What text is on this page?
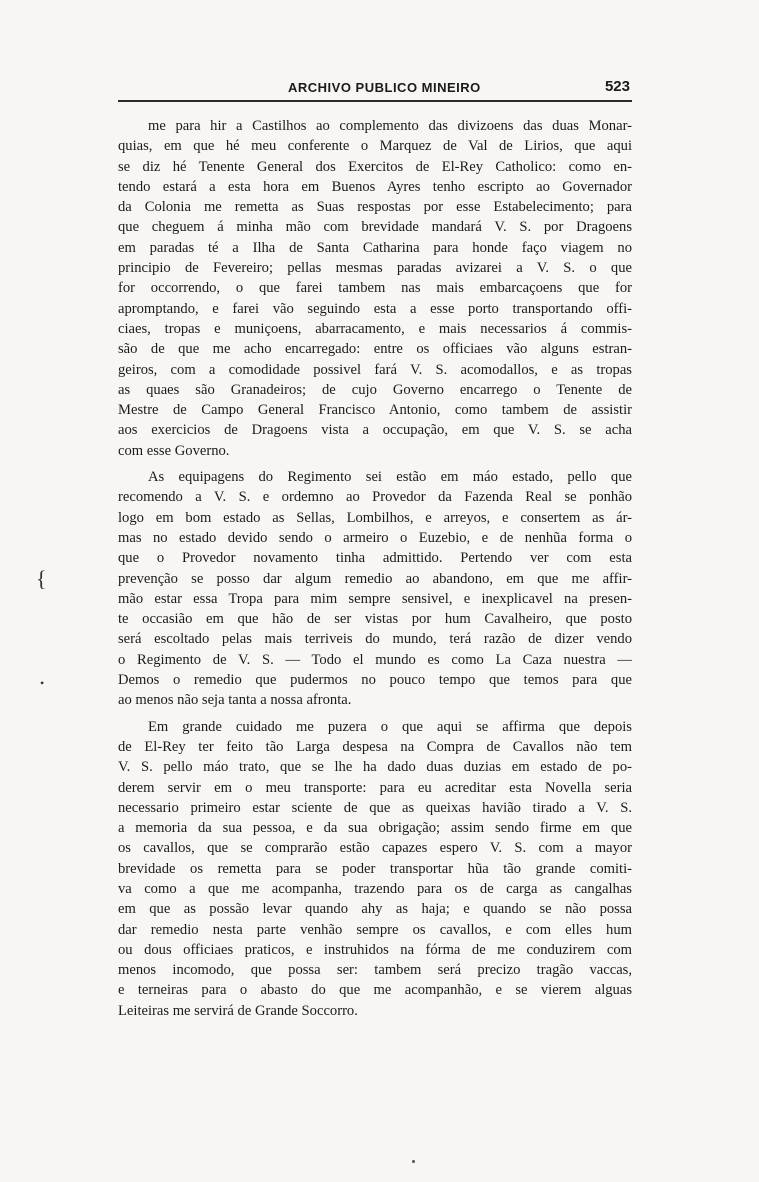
ARCHIVO PUBLICO MINEIRO	523
me para hir a Castilhos ao complemento das divizoens das duas Monar-
quias, em que hé meu conferente o Marquez de Val de Lirios, que aqui
se diz hé Tenente General dos Exercitos de El-Rey Catholico: como en-
tendo estará a esta hora em Buenos Ayres tenho escripto ao Governador
da Colonia me remetta as Suas respostas por esse Estabelecimento; para
que cheguem á minha mão com brevidade mandará V. S. por Dragoens
em paradas té a Ilha de Santa Catharina para honde faço viagem no
principio de Fevereiro; pellas mesmas paradas avizarei a V. S. o que
for occorrendo, o que farei tambem nas mais embarcaçoens que for
apromptando, e farei vão seguindo esta a esse porto transportando offi-
ciaes, tropas e muniçoens, abarracamento, e mais necessarios á commis-
são de que me acho encarregado: entre os officiaes vão alguns estran-
geiros, com a comodidade possivel fará V. S. acomodallos, e as tropas
as quaes são Granadeiros; de cujo Governo encarrego o Tenente de
Mestre de Campo General Francisco Antonio, como tambem de assistir
aos exercicios de Dragoens vista a occupação, em que V. S. se acha
com esse Governo.
As equipagens do Regimento sei estão em máo estado, pello que
recomendo a V. S. e ordemno ao Provedor da Fazenda Real se ponhão
logo em bom estado as Sellas, Lombilhos, e arreyos, e consertem as ár-
mas no estado devido sendo o armeiro o Euzebio, e de nenhũa forma o
que o Provedor novamento tinha admittido. Pertendo ver com esta
prevenção se posso dar algum remedio ao abandono, em que me affir-
mão estar essa Tropa para mim sempre sensivel, e inexplicavel na presen-
te occasião em que hão de ser vistas por hum Cavalheiro, que posto
será escoltado pelas mais terriveis do mundo, terá razão de dizer vendo
o Regimento de V. S. — Todo el mundo es como La Caza nuestra —
Demos o remedio que pudermos no pouco tempo que temos para que
ao menos não seja tanta a nossa afronta.
Em grande cuidado me puzera o que aqui se affirma que depois
de El-Rey ter feito tão Larga despesa na Compra de Cavallos não tem
V. S. pello máo trato, que se lhe ha dado duas duzias em estado de po-
derem servir em o meu transporte: para eu acreditar esta Novella seria
necessario primeiro estar sciente de que as queixas havião tirado a V. S.
a memoria da sua pessoa, e da sua obrigação; assim sendo firme em que
os cavallos, que se comprarão estão capazes espero V. S. com a mayor
brevidade os remetta para se poder transportar hũa tão grande comiti-
va como a que me acompanha, trazendo para os de carga as cangalhas
em que as possão levar quando ahy as haja; e quando se não possa
dar remedio nesta parte venhão sempre os cavallos, e com elles hum
ou dous officiaes praticos, e instruhidos na fórma de me conduzirem com
menos incomodo, que possa ser: tambem será precizo tragão vaccas,
e terneiras para o abasto do que me acompanhão, e se vierem alguas
Leiteiras me servirá de Grande Soccorro.
{
•
